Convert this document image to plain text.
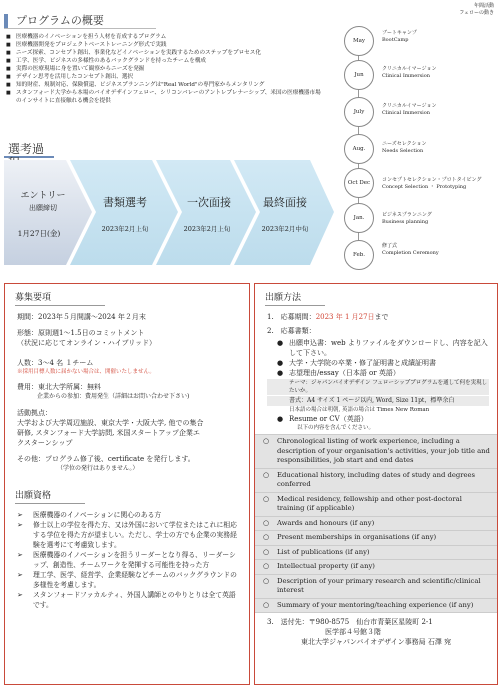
プログラムの概要
■ 医療機器のイノベーションを担う人材を育成するプログラム
■ 医療機器開発をプロジェクトベーストレーニング形式で実践
■ ニーズ探索、コンセプト創出、事業化などイノベーションを実践するためのステップをプロセス化
■ 工学、医学、ビジネスの多様性のあるバックグランドを持ったチームを構成
■ 実際の医療現場に身を置いて観察からニーズを発掘
■ デザイン思考を活用したコンセプト創出、選択
■ 知的財産、規制対応、保険償還、ビジネスプランニングは"Real World"の専門家からメンタリング
■ スタンフォード大学から本場のバイオデザインフェロー、シリコンバレーのアントレプレナーシップ、米国の医療機器市場のインサイトに直接触れる機会を提供
年間活動
フェローの動き
May
ブートキャンプ
BootCamp
Jun
クリニカルイマージョン
Clinical Immersion
July
クリニカルイマージョン
Clinical Immersion
Aug.
ニーズセレクション
Needs Selection
Oct Dec	コンセプトセレクション・プロトタイピング
Concept Selection ・ Prototyping
Jan.	ビジネスプランニング
Business planning
Feb.
修了式
Completion Ceremony
選考過
エントリー
出願締切
1月27日(金)
書類選考
2023年2月上旬
一次面接
2023年2月上旬
最終面接
2023年2月中旬
募集要項
期間：2023年５月開講～2024 年２月末
形態：原則週1～1.5日のコミットメント
（状況に応じてオンライン・ハイブリッド）
人数：3～4 名 １チーム
※採用目標人数に届かない場合は、開催いたしません。
費用：東北大学所属：無料
企業からの参加：費用発生（詳細はお問い合わせ下さい)
活動拠点：
大学および大学周辺施設、東京大学・大阪大学, 他での集合
研修, スタンフォード大学訪問, 米国スタートアップ企業エ
クスターンシップ
その他：プログラム修了後、certificate を発行します。
（学位の発行はありません。）
出願資格
➢ 医療機器のイノベーションに関心のある方
➢ 修士以上の学位を得た方、又は外国において学位またはこれに相応する学位を得た方が望ましい。ただし、学士の方でも企業の実務経験を選考にて考慮致します。
➢ 医療機器のイノベーションを担うリーダーとなり得る、リーダーシップ、創造性、チームワークを発揮する可能性を持った方
➢ 理工学、医学、経営学、企業経験などチームのバックグラウンドの多様性を考慮します。
➢ スタンフォードファカルティ、外国人講師とのやりとりは全て英語です。
出願方法
1.　応募期間：2023 年 1 月27日まで
2.　応募書類：
● 出願申込書：web よりファイルをダウンロードし、内容を記入して下さい。
● 大学・大学院の卒業・修了証明書と成績証明書
● 志望理由/essay（日本語 or 英語）
テーマ：ジャパンバイオデザイン フェローシッププログラムを通して何を実現したいか。
書式：A4 サイズ 1 ページ以内, Word, Size 11pt，標準余白
日本語の場合は明朝, 英語の場合は Times New Roman
● Resume or CV（英語）
以下の内容を含んでください。
○ Chronological listing of work experience, including a description of your organisation's activities, your job title and responsibilities, job start and end dates
○ Educational history, including dates of study and degrees conferred
○ Medical residency, fellowship and other post-doctoral training (if applicable)
○ Awards and honours (if any)
○ Present memberships in organisations (if any)
○ List of publications (if any)
○ Intellectual property (if any)
○ Description of your primary research and scientific/clinical interest
○ Summary of your mentoring/teaching experience (if any)
3.　送付先：〒980-8575　仙台市青葉区星陵町 2-1
医学部４号館３階
東北大学ジャパンバイオデザイン事務局 石澤 宛
